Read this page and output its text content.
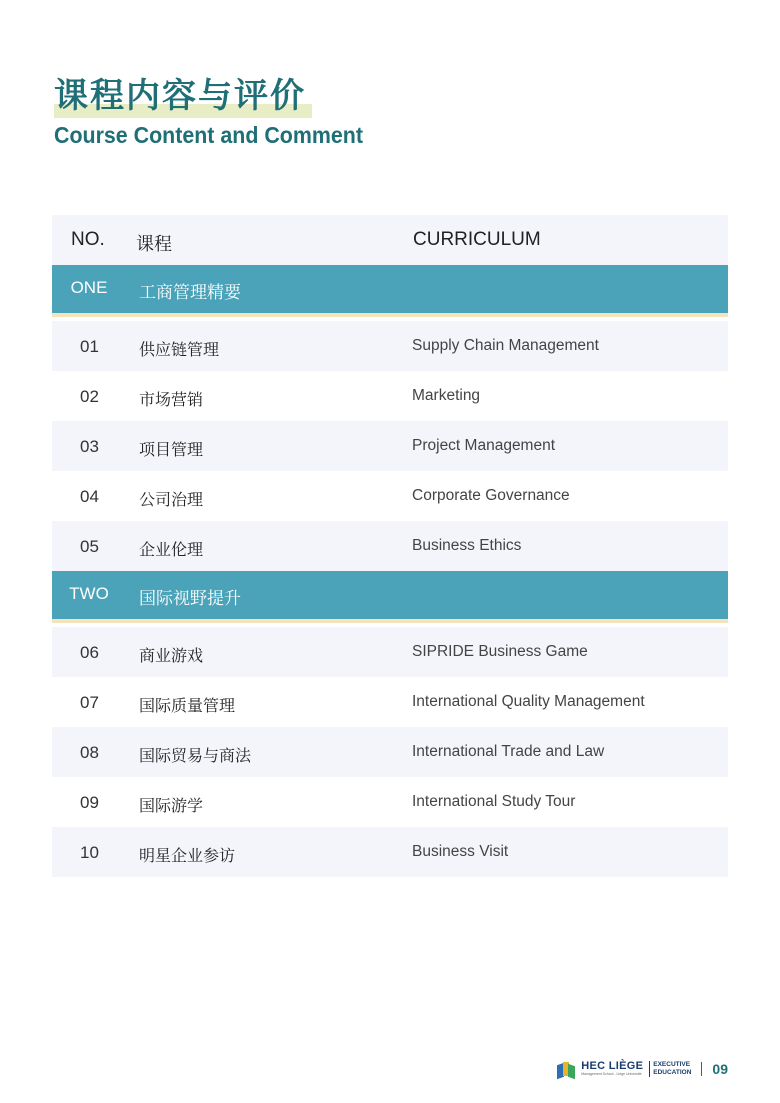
课程内容与评价
Course Content and Comment
NO. 课程	CURRICULUM
ONE	工商管理精要
01	供应链管理	Supply Chain Management
02	市场营销	Marketing
03	项目管理	Project Management
04	公司治理	Corporate Governance
05	企业伦理	Business Ethics
TWO	国际视野提升
06	商业游戏	SIPRIDE Business Game
07	国际质量管理	International Quality Management
08	国际贸易与商法	International Trade and Law
09	国际游学	International Study Tour
10	明星企业参访	Business Visit
HEC LIÈGE
Management School - Liège Université
EXECUTIVE
EDUCATION 09
